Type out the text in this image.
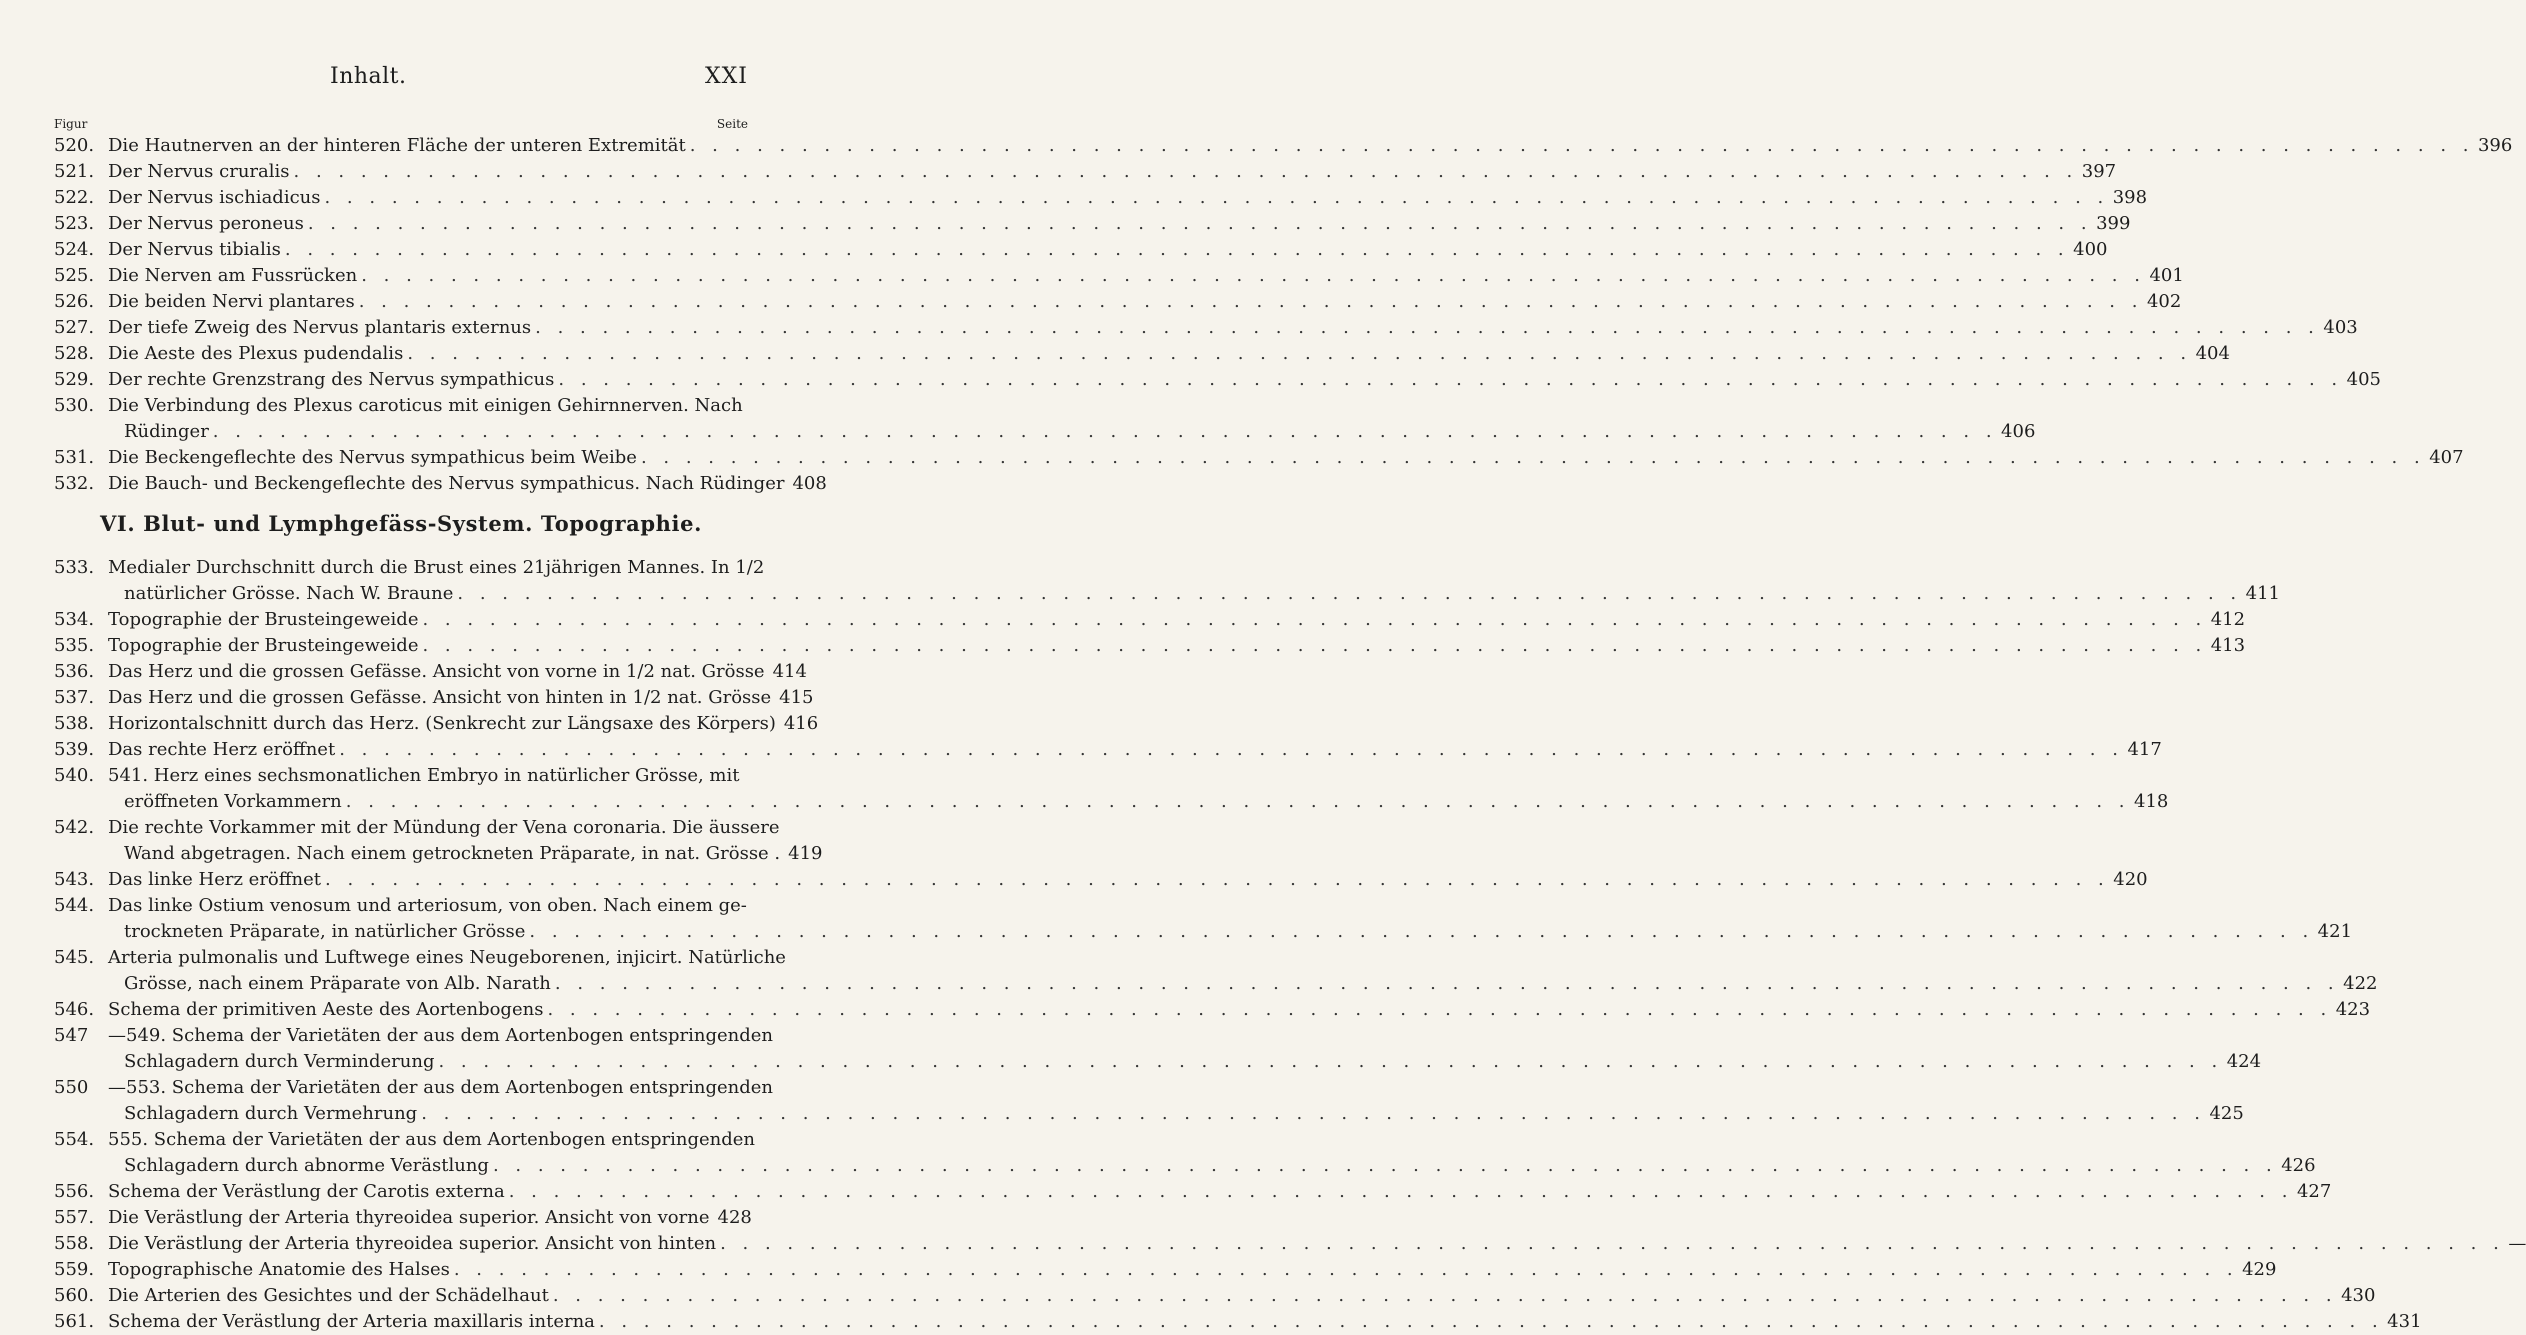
Inhalt.	XXI
Figur	Seite
520. Die Hautnerven an der hinteren Fläche der unteren Extremität . . . . . . . . . . . . . . . . . . . . . . . . . . . . . . . . . . . . . . . . . . . . . . . . . . . . . . . . . . . . . . . . . . . . . . . . . . . . . . . . 396
521. Der Nervus cruralis . . . . . . . . . . . . . . . . . . . . . . . . . . . . . . . . . . . . . . . . . . . . . . . . . . . . . . . . . . . . . . . . . . . . . . . . . . . . . . . . 397
522. Der Nervus ischiadicus . . . . . . . . . . . . . . . . . . . . . . . . . . . . . . . . . . . . . . . . . . . . . . . . . . . . . . . . . . . . . . . . . . . . . . . . . . . . . . . . 398
523. Der Nervus peroneus . . . . . . . . . . . . . . . . . . . . . . . . . . . . . . . . . . . . . . . . . . . . . . . . . . . . . . . . . . . . . . . . . . . . . . . . . . . . . . . . 399
524. Der Nervus tibialis . . . . . . . . . . . . . . . . . . . . . . . . . . . . . . . . . . . . . . . . . . . . . . . . . . . . . . . . . . . . . . . . . . . . . . . . . . . . . . . . 400
525. Die Nerven am Fussrücken . . . . . . . . . . . . . . . . . . . . . . . . . . . . . . . . . . . . . . . . . . . . . . . . . . . . . . . . . . . . . . . . . . . . . . . . . . . . . . . . 401
526. Die beiden Nervi plantares . . . . . . . . . . . . . . . . . . . . . . . . . . . . . . . . . . . . . . . . . . . . . . . . . . . . . . . . . . . . . . . . . . . . . . . . . . . . . . . . 402
527. Der tiefe Zweig des Nervus plantaris externus . . . . . . . . . . . . . . . . . . . . . . . . . . . . . . . . . . . . . . . . . . . . . . . . . . . . . . . . . . . . . . . . . . . . . . . . . . . . . . . . 403
528. Die Aeste des Plexus pudendalis . . . . . . . . . . . . . . . . . . . . . . . . . . . . . . . . . . . . . . . . . . . . . . . . . . . . . . . . . . . . . . . . . . . . . . . . . . . . . . . . 404
529. Der rechte Grenzstrang des Nervus sympathicus . . . . . . . . . . . . . . . . . . . . . . . . . . . . . . . . . . . . . . . . . . . . . . . . . . . . . . . . . . . . . . . . . . . . . . . . . . . . . . . . 405
530. Die Verbindung des Plexus caroticus mit einigen Gehirnnerven. Nach
Rüdinger . . . . . . . . . . . . . . . . . . . . . . . . . . . . . . . . . . . . . . . . . . . . . . . . . . . . . . . . . . . . . . . . . . . . . . . . . . . . . . . . 406
531. Die Beckengeflechte des Nervus sympathicus beim Weibe . . . . . . . . . . . . . . . . . . . . . . . . . . . . . . . . . . . . . . . . . . . . . . . . . . . . . . . . . . . . . . . . . . . . . . . . . . . . . . . . 407
532. Die Bauch- und Beckengeflechte des Nervus sympathicus. Nach Rüdinger 408
VI. Blut- und Lymphgefäss-System. Topographie.
533. Medialer Durchschnitt durch die Brust eines 21jährigen Mannes. In 1/2
natürlicher Grösse. Nach W. Braune . . . . . . . . . . . . . . . . . . . . . . . . . . . . . . . . . . . . . . . . . . . . . . . . . . . . . . . . . . . . . . . . . . . . . . . . . . . . . . . . 411
534. Topographie der Brusteingeweide . . . . . . . . . . . . . . . . . . . . . . . . . . . . . . . . . . . . . . . . . . . . . . . . . . . . . . . . . . . . . . . . . . . . . . . . . . . . . . . . 412
535. Topographie der Brusteingeweide . . . . . . . . . . . . . . . . . . . . . . . . . . . . . . . . . . . . . . . . . . . . . . . . . . . . . . . . . . . . . . . . . . . . . . . . . . . . . . . . 413
536. Das Herz und die grossen Gefässe. Ansicht von vorne in 1/2 nat. Grösse 414
537. Das Herz und die grossen Gefässe. Ansicht von hinten in 1/2 nat. Grösse 415
538. Horizontalschnitt durch das Herz. (Senkrecht zur Längsaxe des Körpers) 416
539. Das rechte Herz eröffnet . . . . . . . . . . . . . . . . . . . . . . . . . . . . . . . . . . . . . . . . . . . . . . . . . . . . . . . . . . . . . . . . . . . . . . . . . . . . . . . . 417
540. 541. Herz eines sechsmonatlichen Embryo in natürlicher Grösse, mit
eröffneten Vorkammern . . . . . . . . . . . . . . . . . . . . . . . . . . . . . . . . . . . . . . . . . . . . . . . . . . . . . . . . . . . . . . . . . . . . . . . . . . . . . . . . 418
542. Die rechte Vorkammer mit der Mündung der Vena coronaria. Die äussere
Wand abgetragen. Nach einem getrockneten Präparate, in nat. Grösse . 419
543. Das linke Herz eröffnet . . . . . . . . . . . . . . . . . . . . . . . . . . . . . . . . . . . . . . . . . . . . . . . . . . . . . . . . . . . . . . . . . . . . . . . . . . . . . . . . 420
544. Das linke Ostium venosum und arteriosum, von oben. Nach einem ge-
trockneten Präparate, in natürlicher Grösse . . . . . . . . . . . . . . . . . . . . . . . . . . . . . . . . . . . . . . . . . . . . . . . . . . . . . . . . . . . . . . . . . . . . . . . . . . . . . . . . 421
545. Arteria pulmonalis und Luftwege eines Neugeborenen, injicirt. Natürliche
Grösse, nach einem Präparate von Alb. Narath . . . . . . . . . . . . . . . . . . . . . . . . . . . . . . . . . . . . . . . . . . . . . . . . . . . . . . . . . . . . . . . . . . . . . . . . . . . . . . . . 422
546. Schema der primitiven Aeste des Aortenbogens . . . . . . . . . . . . . . . . . . . . . . . . . . . . . . . . . . . . . . . . . . . . . . . . . . . . . . . . . . . . . . . . . . . . . . . . . . . . . . . . 423
547 —549. Schema der Varietäten der aus dem Aortenbogen entspringenden
Schlagadern durch Verminderung . . . . . . . . . . . . . . . . . . . . . . . . . . . . . . . . . . . . . . . . . . . . . . . . . . . . . . . . . . . . . . . . . . . . . . . . . . . . . . . . 424
550 —553. Schema der Varietäten der aus dem Aortenbogen entspringenden
Schlagadern durch Vermehrung . . . . . . . . . . . . . . . . . . . . . . . . . . . . . . . . . . . . . . . . . . . . . . . . . . . . . . . . . . . . . . . . . . . . . . . . . . . . . . . . 425
554. 555. Schema der Varietäten der aus dem Aortenbogen entspringenden
Schlagadern durch abnorme Verästlung . . . . . . . . . . . . . . . . . . . . . . . . . . . . . . . . . . . . . . . . . . . . . . . . . . . . . . . . . . . . . . . . . . . . . . . . . . . . . . . . 426
556. Schema der Verästlung der Carotis externa . . . . . . . . . . . . . . . . . . . . . . . . . . . . . . . . . . . . . . . . . . . . . . . . . . . . . . . . . . . . . . . . . . . . . . . . . . . . . . . . 427
557. Die Verästlung der Arteria thyreoidea superior. Ansicht von vorne 428
558. Die Verästlung der Arteria thyreoidea superior. Ansicht von hinten . . . . . . . . . . . . . . . . . . . . . . . . . . . . . . . . . . . . . . . . . . . . . . . . . . . . . . . . . . . . . . . . . . . . . . . . . . . . . . . . —
559. Topographische Anatomie des Halses . . . . . . . . . . . . . . . . . . . . . . . . . . . . . . . . . . . . . . . . . . . . . . . . . . . . . . . . . . . . . . . . . . . . . . . . . . . . . . . . 429
560. Die Arterien des Gesichtes und der Schädelhaut . . . . . . . . . . . . . . . . . . . . . . . . . . . . . . . . . . . . . . . . . . . . . . . . . . . . . . . . . . . . . . . . . . . . . . . . . . . . . . . . 430
561. Schema der Verästlung der Arteria maxillaris interna . . . . . . . . . . . . . . . . . . . . . . . . . . . . . . . . . . . . . . . . . . . . . . . . . . . . . . . . . . . . . . . . . . . . . . . . . . . . . . . . 431
